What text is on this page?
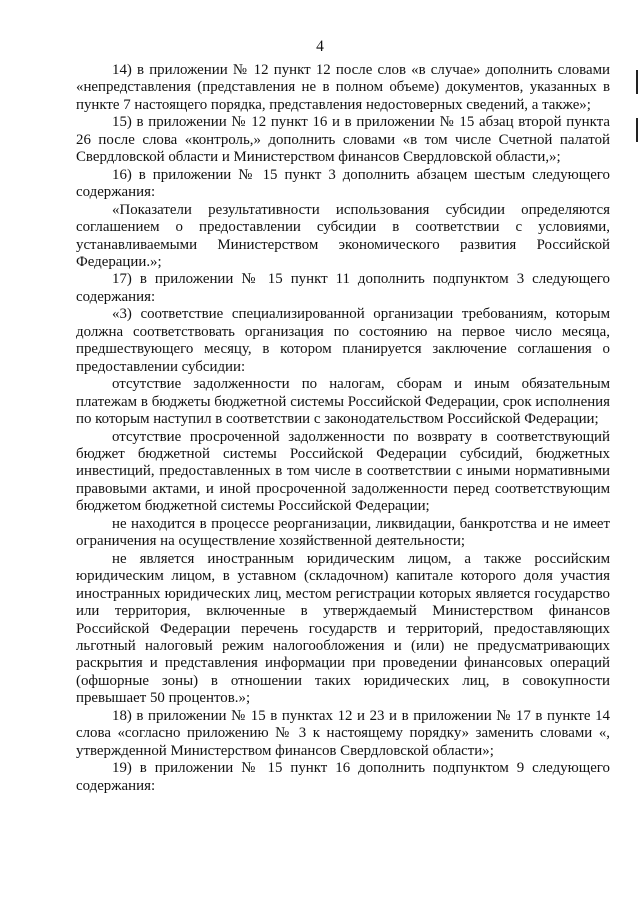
4

14) в приложении № 12 пункт 12 после слов «в случае» дополнить словами «непредставления (представления не в полном объеме) документов, указанных в пункте 7 настоящего порядка, представления недостоверных сведений, а также»;

15) в приложении № 12 пункт 16 и в приложении № 15 абзац второй пункта 26 после слова «контроль,» дополнить словами «в том числе Счетной палатой Свердловской области и Министерством финансов Свердловской области,»;

16) в приложении № 15 пункт 3 дополнить абзацем шестым следующего содержания:

«Показатели результативности использования субсидии определяются соглашением о предоставлении субсидии в соответствии с условиями, устанавливаемыми Министерством экономического развития Российской Федерации.»;

17) в приложении № 15 пункт 11 дополнить подпунктом 3 следующего содержания:

«3) соответствие специализированной организации требованиям, которым должна соответствовать организация по состоянию на первое число месяца, предшествующего месяцу, в котором планируется заключение соглашения о предоставлении субсидии:

отсутствие задолженности по налогам, сборам и иным обязательным платежам в бюджеты бюджетной системы Российской Федерации, срок исполнения по которым наступил в соответствии с законодательством Российской Федерации;

отсутствие просроченной задолженности по возврату в соответствующий бюджет бюджетной системы Российской Федерации субсидий, бюджетных инвестиций, предоставленных в том числе в соответствии с иными нормативными правовыми актами, и иной просроченной задолженности перед соответствующим бюджетом бюджетной системы Российской Федерации;

не находится в процессе реорганизации, ликвидации, банкротства и не имеет ограничения на осуществление хозяйственной деятельности;

не является иностранным юридическим лицом, а также российским юридическим лицом, в уставном (складочном) капитале которого доля участия иностранных юридических лиц, местом регистрации которых является государство или территория, включенные в утверждаемый Министерством финансов Российской Федерации перечень государств и территорий, предоставляющих льготный налоговый режим налогообложения и (или) не предусматривающих раскрытия и представления информации при проведении финансовых операций (офшорные зоны) в отношении таких юридических лиц, в совокупности превышает 50 процентов.»;

18) в приложении № 15 в пунктах 12 и 23 и в приложении № 17 в пункте 14 слова «согласно приложению № 3 к настоящему порядку» заменить словами «, утвержденной Министерством финансов Свердловской области»;

19) в приложении № 15 пункт 16 дополнить подпунктом 9 следующего содержания:
